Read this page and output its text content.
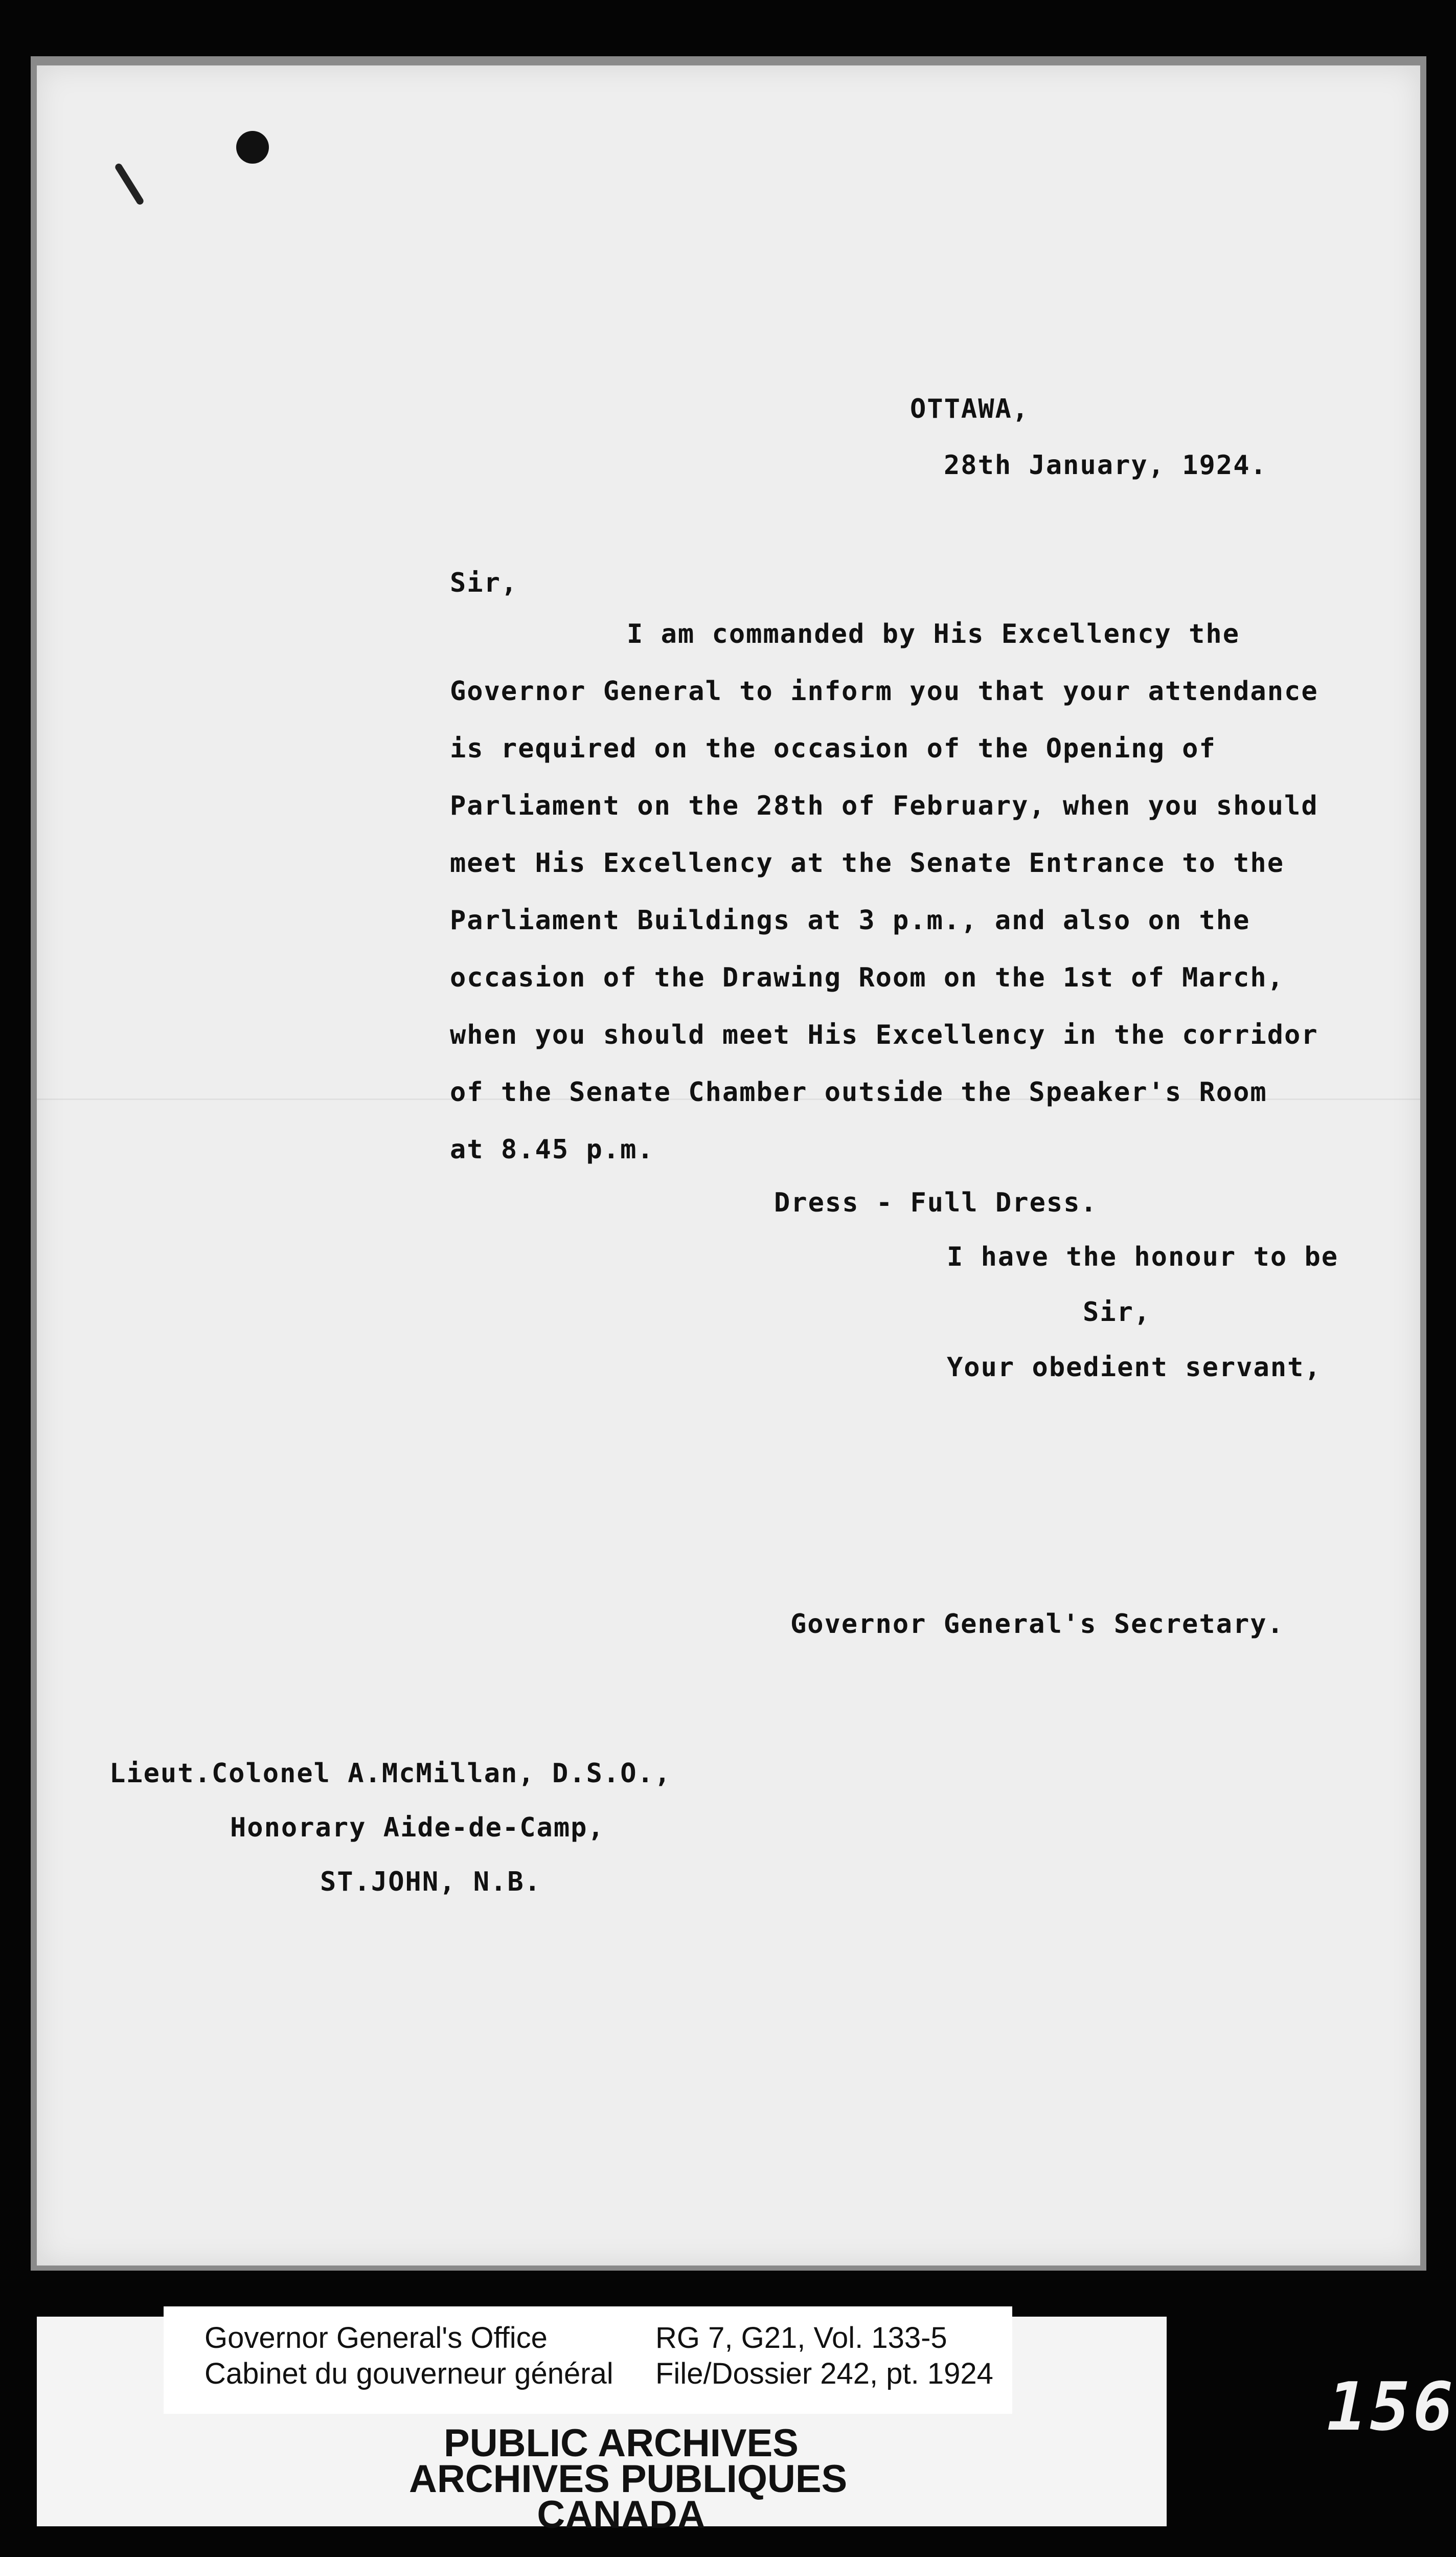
OTTAWA,
28th January, 1924.
Sir,
I am commanded by His Excellency the
Governor General to inform you that your attendance
is required on the occasion of the Opening of
Parliament on the 28th of February, when you should
meet His Excellency at the Senate Entrance to the
Parliament Buildings at 3 p.m., and also on the
occasion of the Drawing Room on the 1st of March,
when you should meet His Excellency in the corridor
of the Senate Chamber outside the Speaker's Room
at 8.45 p.m.
Dress - Full Dress.
I have the honour to be
Sir,
Your obedient servant,
Governor General's Secretary.
Lieut.Colonel A.McMillan, D.S.O.,
Honorary Aide-de-Camp,
ST.JOHN, N.B.
Governor General's Office
Cabinet du gouverneur général
RG 7, G21, Vol. 133-5
File/Dossier 242, pt. 1924
PUBLIC ARCHIVES
ARCHIVES PUBLIQUES
CANADA
156
